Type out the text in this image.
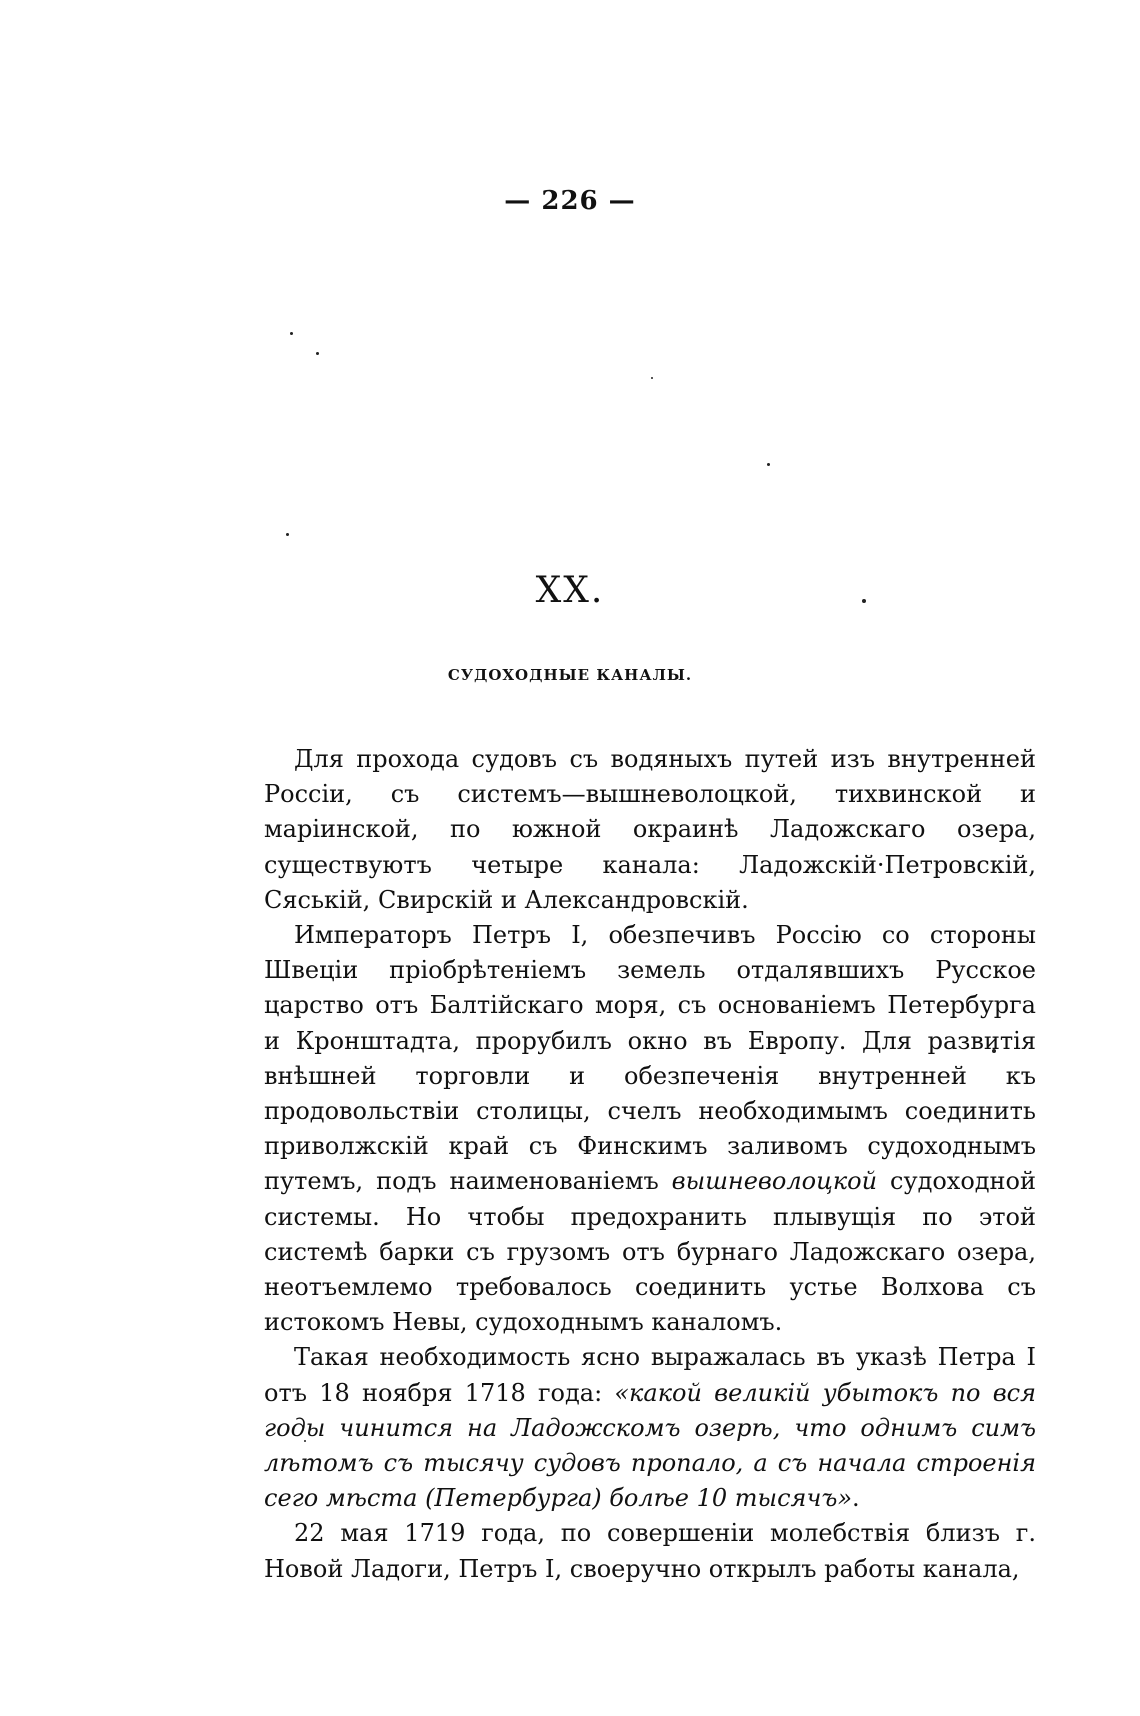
— 226 —
XX.
СУДОХОДНЫЕ КАНАЛЫ.

Для прохода судовъ съ водяныхъ путей изъ внутренней Россіи, съ системъ—вышневолоцкой, тихвинской и маріинской, по южной окраинѣ Ладожскаго озера, существуютъ четыре канала: Ладожскій·Петровскій, Сяській, Свирскій и Александровскій.

Императоръ Петръ I, обезпечивъ Россію со стороны Швеціи пріобрѣтеніемъ земель отдалявшихъ Русское царство отъ Балтійскаго моря, съ основаніемъ Петербурга и Кронштадта, прорубилъ окно въ Европу. Для развитія внѣшней торговли и обезпеченія внутренней къ продовольствіи столицы, счелъ необходимымъ соединить приволжскій край съ Финскимъ заливомъ судоходнымъ путемъ, подъ наименованіемъ вышневолоцкой судоходной системы. Но чтобы предохранить плывущія по этой системѣ барки съ грузомъ отъ бурнаго Ладожскаго озера, неотъемлемо требовалось соединить устье Волхова съ истокомъ Невы, судоходнымъ каналомъ.

Такая необходимость ясно выражалась въ указѣ Петра I отъ 18 ноября 1718 года: «какой великій убытокъ по вся годы чинится на Ладожскомъ озерѣ, что однимъ симъ лѣтомъ съ тысячу судовъ пропало, а съ начала строенія сего мѣста (Петербурга) болѣе 10 тысячъ».

22 мая 1719 года, по совершеніи молебствія близъ г. Новой Ладоги, Петръ I, своеручно открылъ работы канала,
